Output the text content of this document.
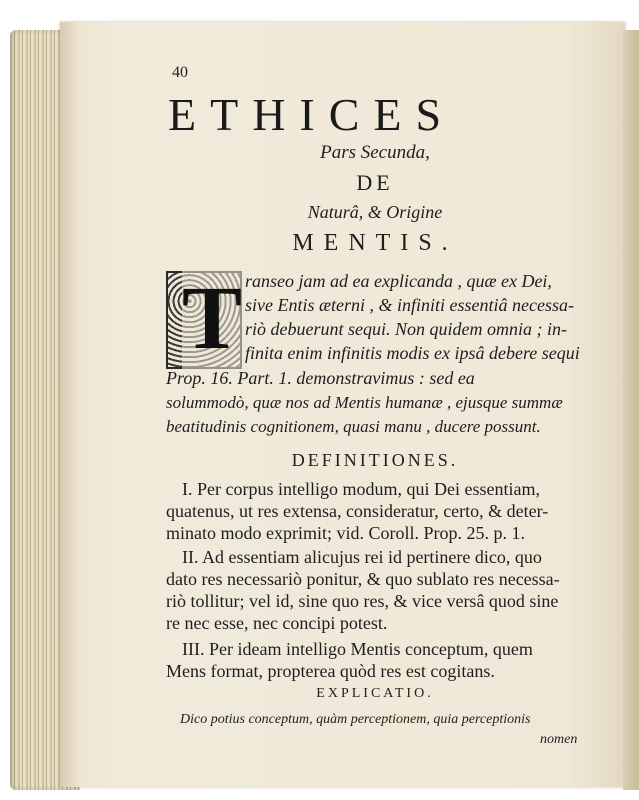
40
ETHICES
Pars Secunda,
DE
Naturâ, & Origine
MENTIS.
T ranseo jam ad ea explicanda , quæ ex Dei,
sive Entis æterni , & infiniti essentiâ necessa-
riò debuerunt sequi. Non quidem omnia ; in-
finita enim infinitis modis ex ipsâ debere sequi
Prop. 16. Part. 1. demonstravimus : sed ea
solummodò, quæ nos ad Mentis humanæ , ejusque summæ
beatitudinis cognitionem, quasi manu , ducere possunt.
DEFINITIONES.
I. Per corpus intelligo modum, qui Dei essentiam,
quatenus, ut res extensa, consideratur, certo, & deter-
minato modo exprimit; vid. Coroll. Prop. 25. p. 1.
II. Ad essentiam alicujus rei id pertinere dico, quo
dato res necessariò ponitur, & quo sublato res necessa-
riò tollitur; vel id, sine quo res, & vice versâ quod sine
re nec esse, nec concipi potest.
III. Per ideam intelligo Mentis conceptum, quem
Mens format, propterea quòd res est cogitans.
EXPLICATIO.
Dico potius conceptum, quàm perceptionem, quia perceptionis
nomen
